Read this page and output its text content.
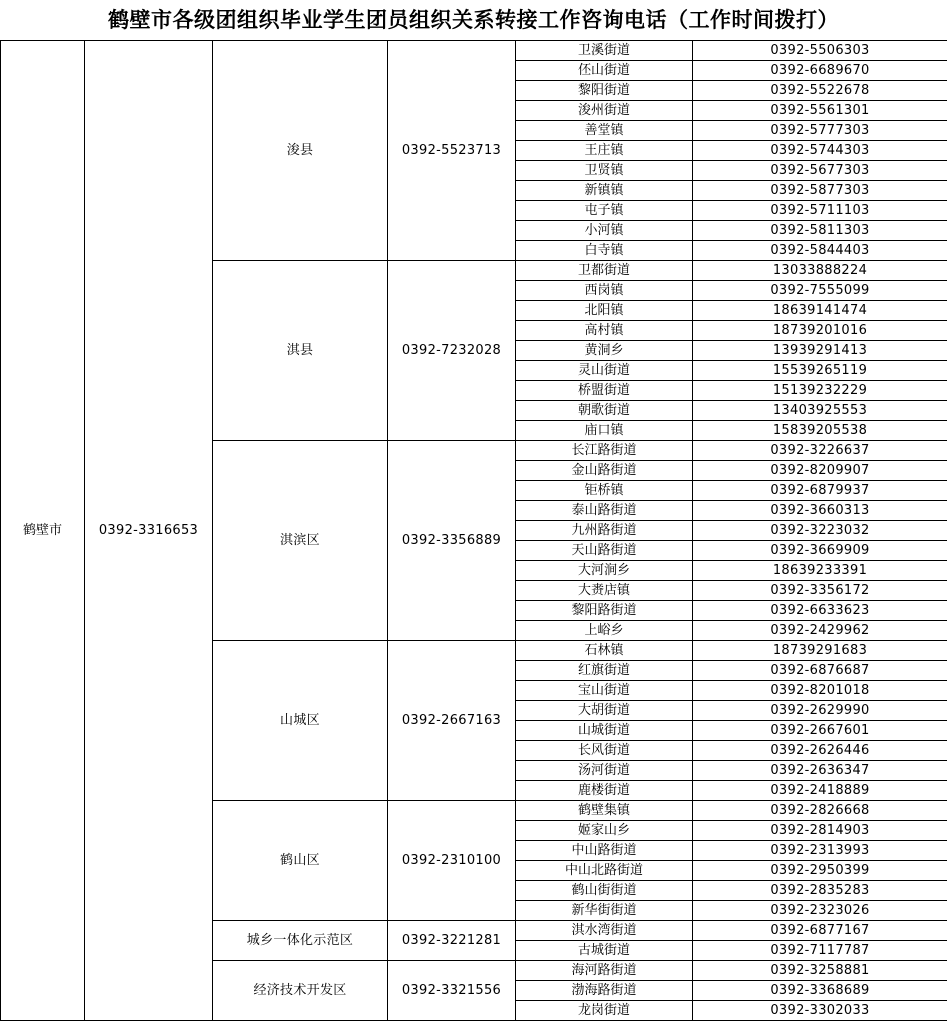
鹤壁市各级团组织毕业学生团员组织关系转接工作咨询电话（工作时间拨打）
鹤壁市	0392-3316653	浚县	0392-5523713	卫溪街道	0392-5506303
				伾山街道	0392-6689670
				黎阳街道	0392-5522678
				浚州街道	0392-5561301
				善堂镇	0392-5777303
				王庄镇	0392-5744303
				卫贤镇	0392-5677303
				新镇镇	0392-5877303
				屯子镇	0392-5711103
				小河镇	0392-5811303
				白寺镇	0392-5844403
		淇县	0392-7232028	卫都街道	13033888224
				西岗镇	0392-7555099
				北阳镇	18639141474
				高村镇	18739201016
				黄洞乡	13939291413
				灵山街道	15539265119
				桥盟街道	15139232229
				朝歌街道	13403925553
				庙口镇	15839205538
		淇滨区	0392-3356889	长江路街道	0392-3226637
				金山路街道	0392-8209907
				钜桥镇	0392-6879937
				泰山路街道	0392-3660313
				九州路街道	0392-3223032
				天山路街道	0392-3669909
				大河涧乡	18639233391
				大赉店镇	0392-3356172
				黎阳路街道	0392-6633623
				上峪乡	0392-2429962
		山城区	0392-2667163	石林镇	18739291683
				红旗街道	0392-6876687
				宝山街道	0392-8201018
				大胡街道	0392-2629990
				山城街道	0392-2667601
				长风街道	0392-2626446
				汤河街道	0392-2636347
				鹿楼街道	0392-2418889
		鹤山区	0392-2310100	鹤壁集镇	0392-2826668
				姬家山乡	0392-2814903
				中山路街道	0392-2313993
				中山北路街道	0392-2950399
				鹤山街街道	0392-2835283
				新华街街道	0392-2323026
		城乡一体化示范区	0392-3221281	淇水湾街道	0392-6877167
				古城街道	0392-7117787
		经济技术开发区	0392-3321556	海河路街道	0392-3258881
				渤海路街道	0392-3368689
				龙岗街道	0392-3302033
